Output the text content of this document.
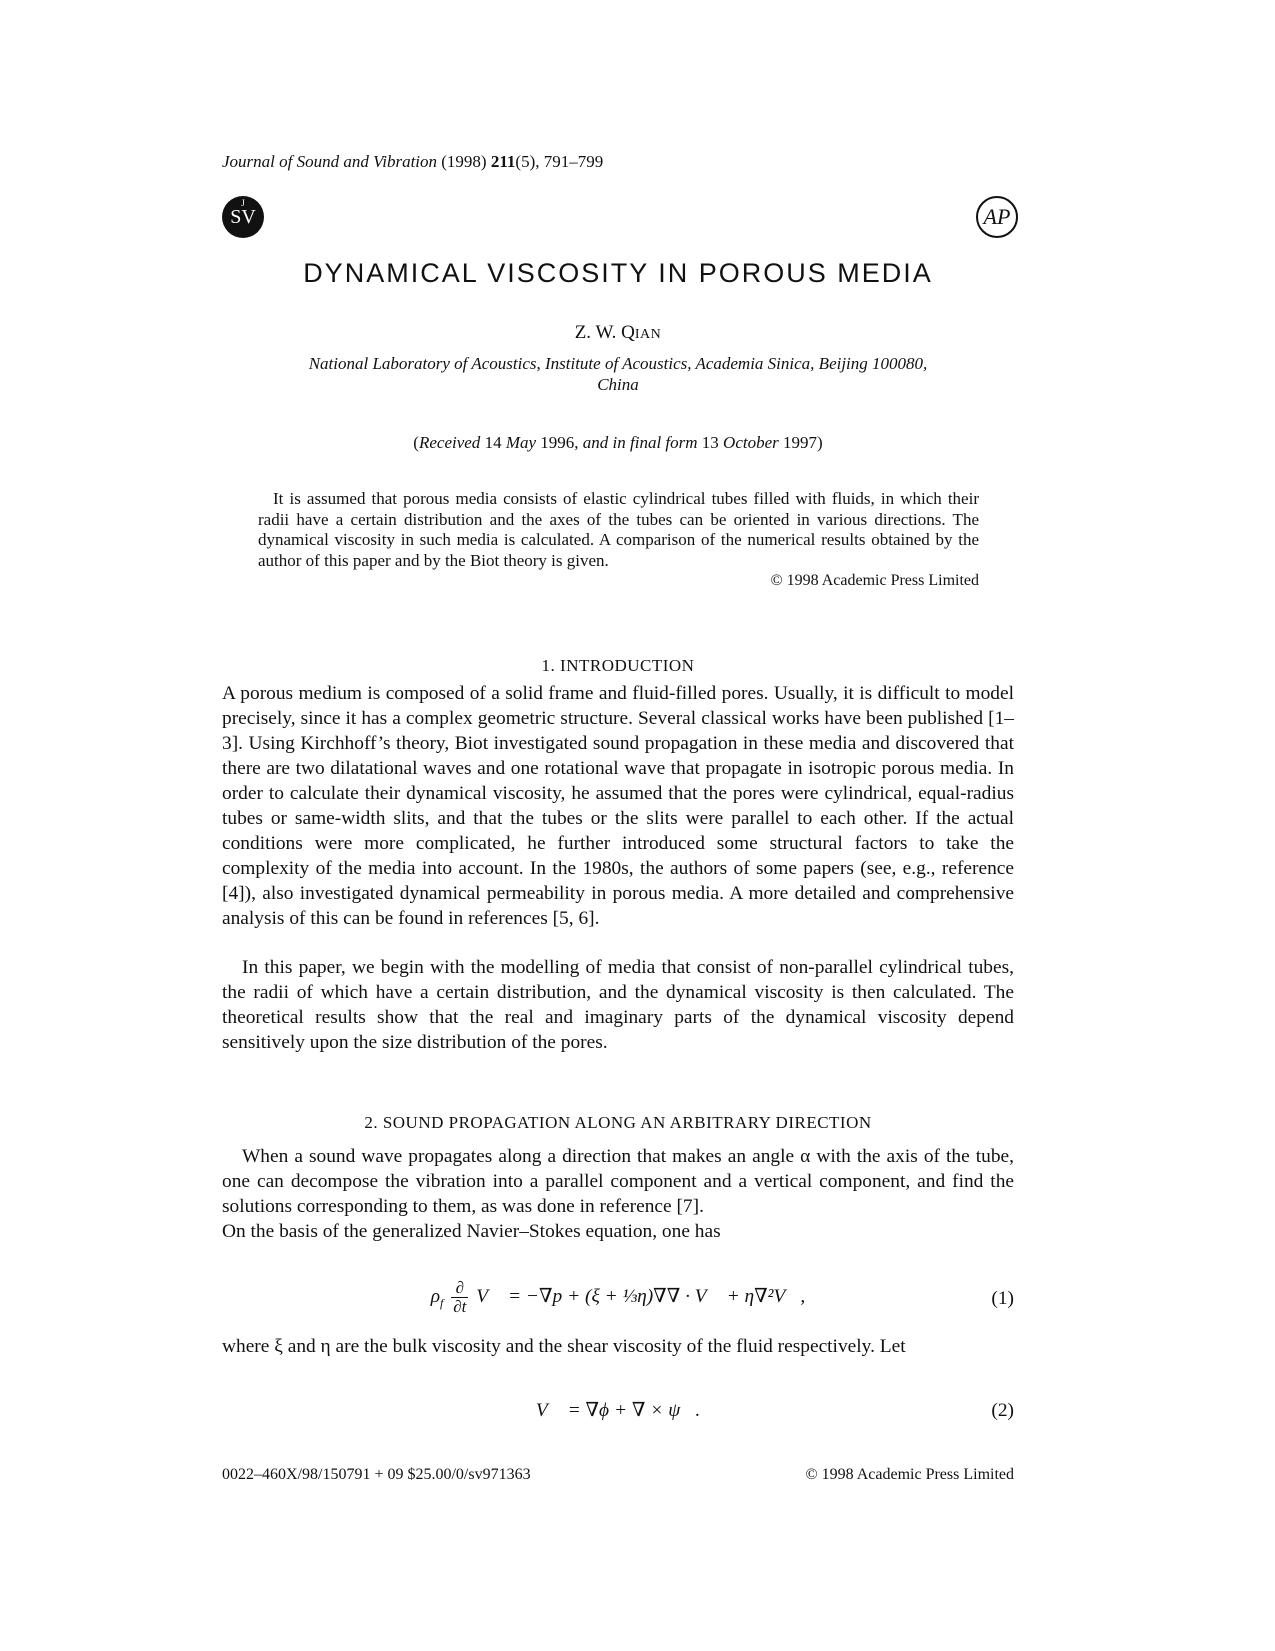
Journal of Sound and Vibration (1998) 211(5), 791–799
J
SV	AP
DYNAMICAL VISCOSITY IN POROUS MEDIA
Z. W. QIAN
National Laboratory of Acoustics, Institute of Acoustics, Academia Sinica, Beijing 100080,
China
(Received 14 May 1996, and in final form 13 October 1997)
It is assumed that porous media consists of elastic cylindrical tubes filled with fluids, in which their radii have a certain distribution and the axes of the tubes can be oriented in various directions. The dynamical viscosity in such media is calculated. A comparison of the numerical results obtained by the author of this paper and by the Biot theory is given.
© 1998 Academic Press Limited
1. INTRODUCTION
A porous medium is composed of a solid frame and fluid-filled pores. Usually, it is difficult to model precisely, since it has a complex geometric structure. Several classical works have been published [1–3]. Using Kirchhoff’s theory, Biot investigated sound propagation in these media and discovered that there are two dilatational waves and one rotational wave that propagate in isotropic porous media. In order to calculate their dynamical viscosity, he assumed that the pores were cylindrical, equal-radius tubes or same-width slits, and that the tubes or the slits were parallel to each other. If the actual conditions were more complicated, he further introduced some structural factors to take the complexity of the media into account. In the 1980s, the authors of some papers (see, e.g., reference [4]), also investigated dynamical permeability in porous media. A more detailed and comprehensive analysis of this can be found in references [5, 6].
In this paper, we begin with the modelling of media that consist of non-parallel cylindrical tubes, the radii of which have a certain distribution, and the dynamical viscosity is then calculated. The theoretical results show that the real and imaginary parts of the dynamical viscosity depend sensitively upon the size distribution of the pores.
2. SOUND PROPAGATION ALONG AN ARBITRARY DIRECTION
When a sound wave propagates along a direction that makes an angle α with the axis of the tube, one can decompose the vibration into a parallel component and a vertical component, and find the solutions corresponding to them, as was done in reference [7].
On the basis of the generalized Navier–Stokes equation, one has
$\rho_f \frac{\partial}{\partial t}$ V⃗ = −∇p + (ξ + ⅓η)∇∇ · V⃗ + η∇²V⃗,	(1)
where ξ and η are the bulk viscosity and the shear viscosity of the fluid respectively. Let
V⃗ = ∇ϕ + ∇ × ψ⃗.	(2)
0022–460X/98/150791 + 09 $25.00/0/sv971363	© 1998 Academic Press Limited
